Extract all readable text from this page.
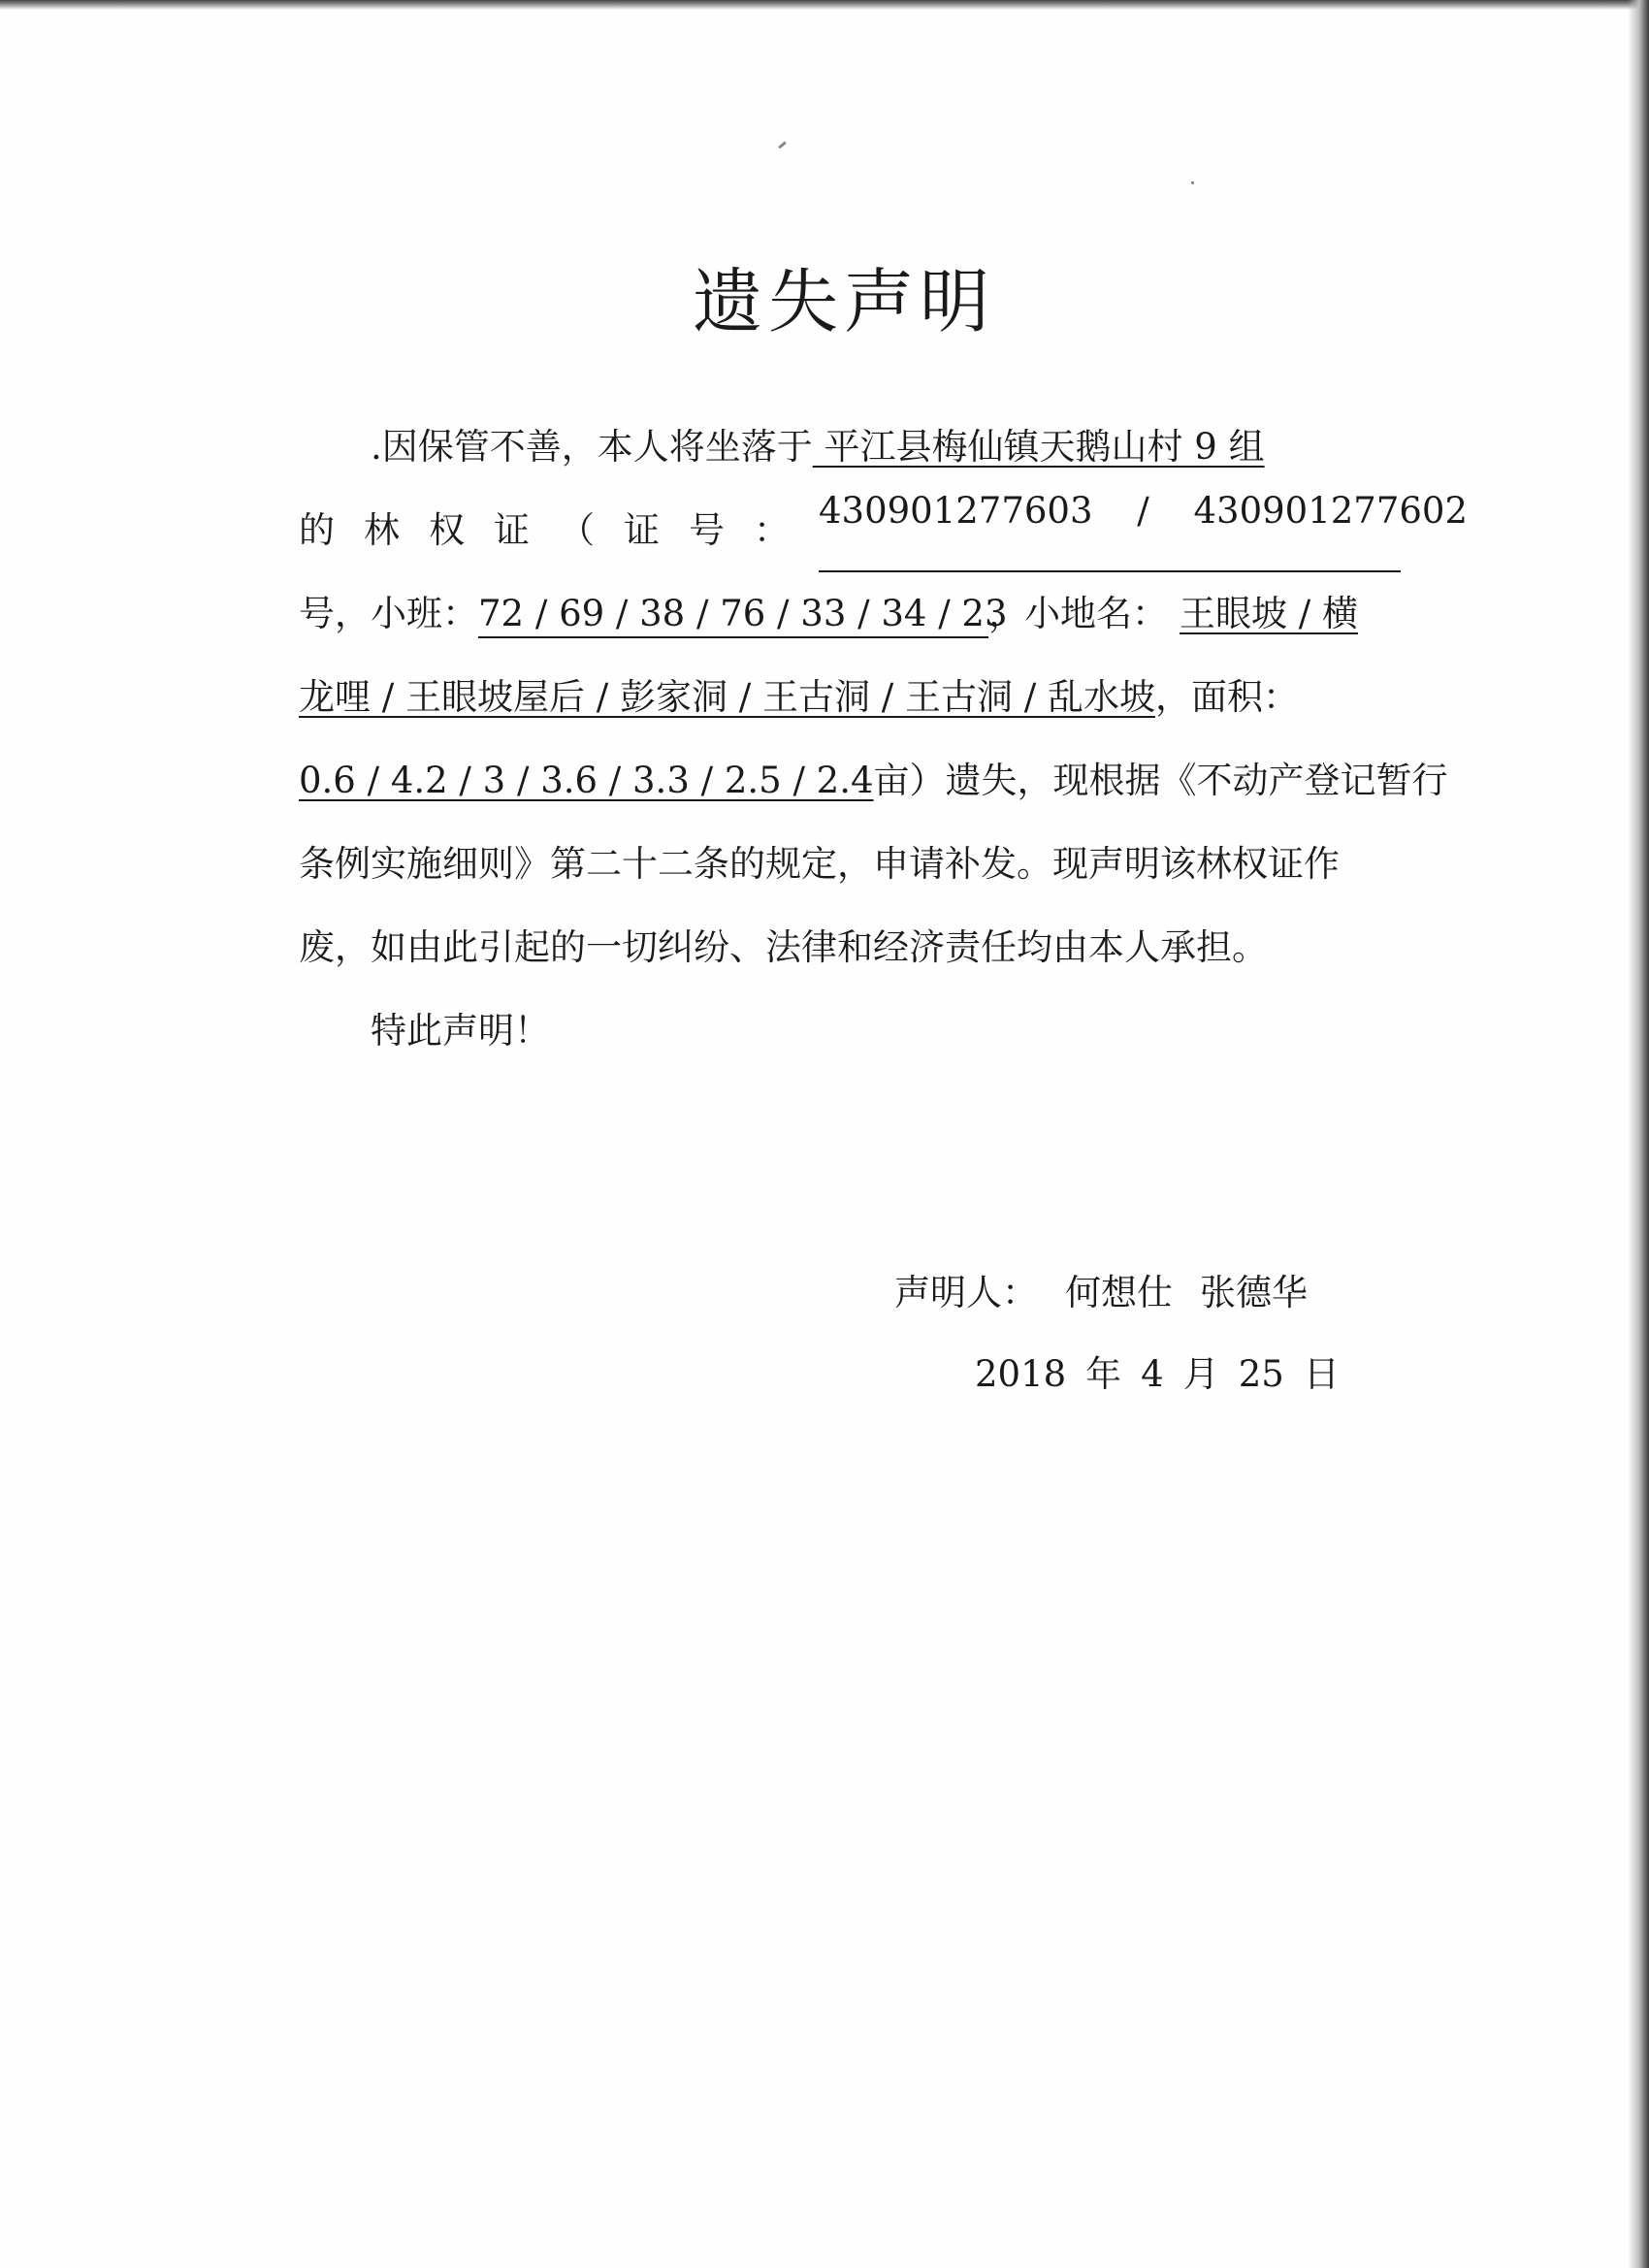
遗失声明
.因保管不善，本人将坐落于 平江县梅仙镇天鹅山村 9 组
的 林 权 证 （ 证 号 ： 430901277603 / 430901277602
号，小班：72 / 69 / 38 / 76 / 33 / 34 / 23，小地名： 王眼坡 / 横
龙哩 / 王眼坡屋后 / 彭家洞 / 王古洞 / 王古洞 / 乱水坡，面积：
0.6 / 4.2 / 3 / 3.6 / 3.3 / 2.5 / 2.4亩）遗失，现根据《不动产登记暂行
条例实施细则》第二十二条的规定，申请补发。现声明该林权证作
废，如由此引起的一切纠纷、法律和经济责任均由本人承担。
特此声明！
声明人： 何想仕 张德华
2018 年 4 月 25 日
